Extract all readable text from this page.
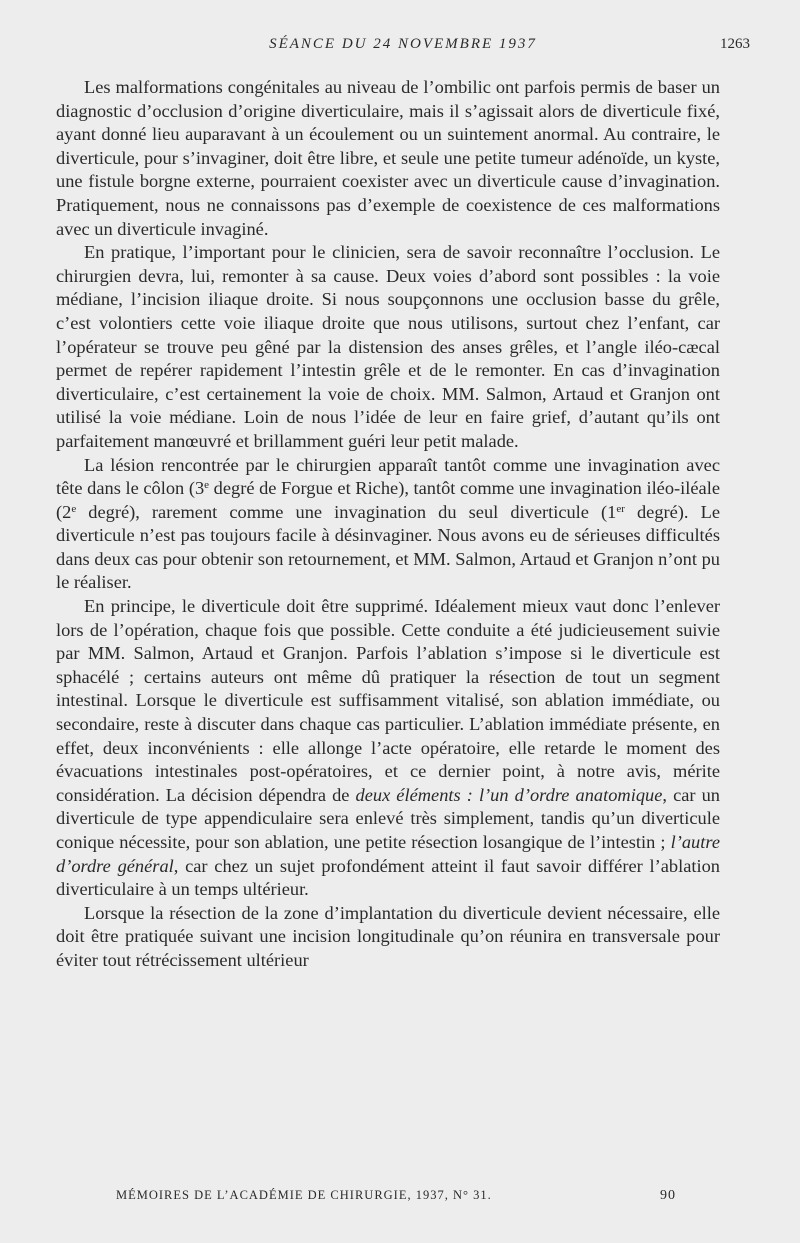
SÉANCE DU 24 NOVEMBRE 1937	1263

Les malformations congénitales au niveau de l’ombilic ont parfois permis de baser un diagnostic d’occlusion d’origine diverticulaire, mais il s’agissait alors de diverticule fixé, ayant donné lieu auparavant à un écoulement ou un suintement anormal. Au contraire, le diverticule, pour s’invaginer, doit être libre, et seule une petite tumeur adénoïde, un kyste, une fistule borgne externe, pourraient coexister avec un diverticule cause d’invagination. Pratiquement, nous ne connaissons pas d’exemple de coexistence de ces malformations avec un diverticule invaginé.

En pratique, l’important pour le clinicien, sera de savoir reconnaître l’occlusion. Le chirurgien devra, lui, remonter à sa cause. Deux voies d’abord sont possibles : la voie médiane, l’incision iliaque droite. Si nous soupçonnons une occlusion basse du grêle, c’est volontiers cette voie iliaque droite que nous utilisons, surtout chez l’enfant, car l’opérateur se trouve peu gêné par la distension des anses grêles, et l’angle iléo-cæcal permet de repérer rapidement l’intestin grêle et de le remonter. En cas d’invagination diverticulaire, c’est certainement la voie de choix. MM. Salmon, Artaud et Granjon ont utilisé la voie médiane. Loin de nous l’idée de leur en faire grief, d’autant qu’ils ont parfaitement manœuvré et brillamment guéri leur petit malade.

La lésion rencontrée par le chirurgien apparaît tantôt comme une invagination avec tête dans le côlon (3e degré de Forgue et Riche), tantôt comme une invagination iléo-iléale (2e degré), rarement comme une invagination du seul diverticule (1er degré). Le diverticule n’est pas toujours facile à désinvaginer. Nous avons eu de sérieuses difficultés dans deux cas pour obtenir son retournement, et MM. Salmon, Artaud et Granjon n’ont pu le réaliser.

En principe, le diverticule doit être supprimé. Idéalement mieux vaut donc l’enlever lors de l’opération, chaque fois que possible. Cette conduite a été judicieusement suivie par MM. Salmon, Artaud et Granjon. Parfois l’ablation s’impose si le diverticule est sphacélé ; certains auteurs ont même dû pratiquer la résection de tout un segment intestinal. Lorsque le diverticule est suffisamment vitalisé, son ablation immédiate, ou secondaire, reste à discuter dans chaque cas particulier. L’ablation immédiate présente, en effet, deux inconvénients : elle allonge l’acte opératoire, elle retarde le moment des évacuations intestinales post-opératoires, et ce dernier point, à notre avis, mérite considération. La décision dépendra de deux éléments : l’un d’ordre anatomique, car un diverticule de type appendiculaire sera enlevé très simplement, tandis qu’un diverticule conique nécessite, pour son ablation, une petite résection losangique de l’intestin ; l’autre d’ordre général, car chez un sujet profondément atteint il faut savoir différer l’ablation diverticulaire à un temps ultérieur.

Lorsque la résection de la zone d’implantation du diverticule devient nécessaire, elle doit être pratiquée suivant une incision longitudinale qu’on réunira en transversale pour éviter tout rétrécissement ultérieur

MÉMOIRES DE L’ACADÉMIE DE CHIRURGIE, 1937, N° 31.	90
